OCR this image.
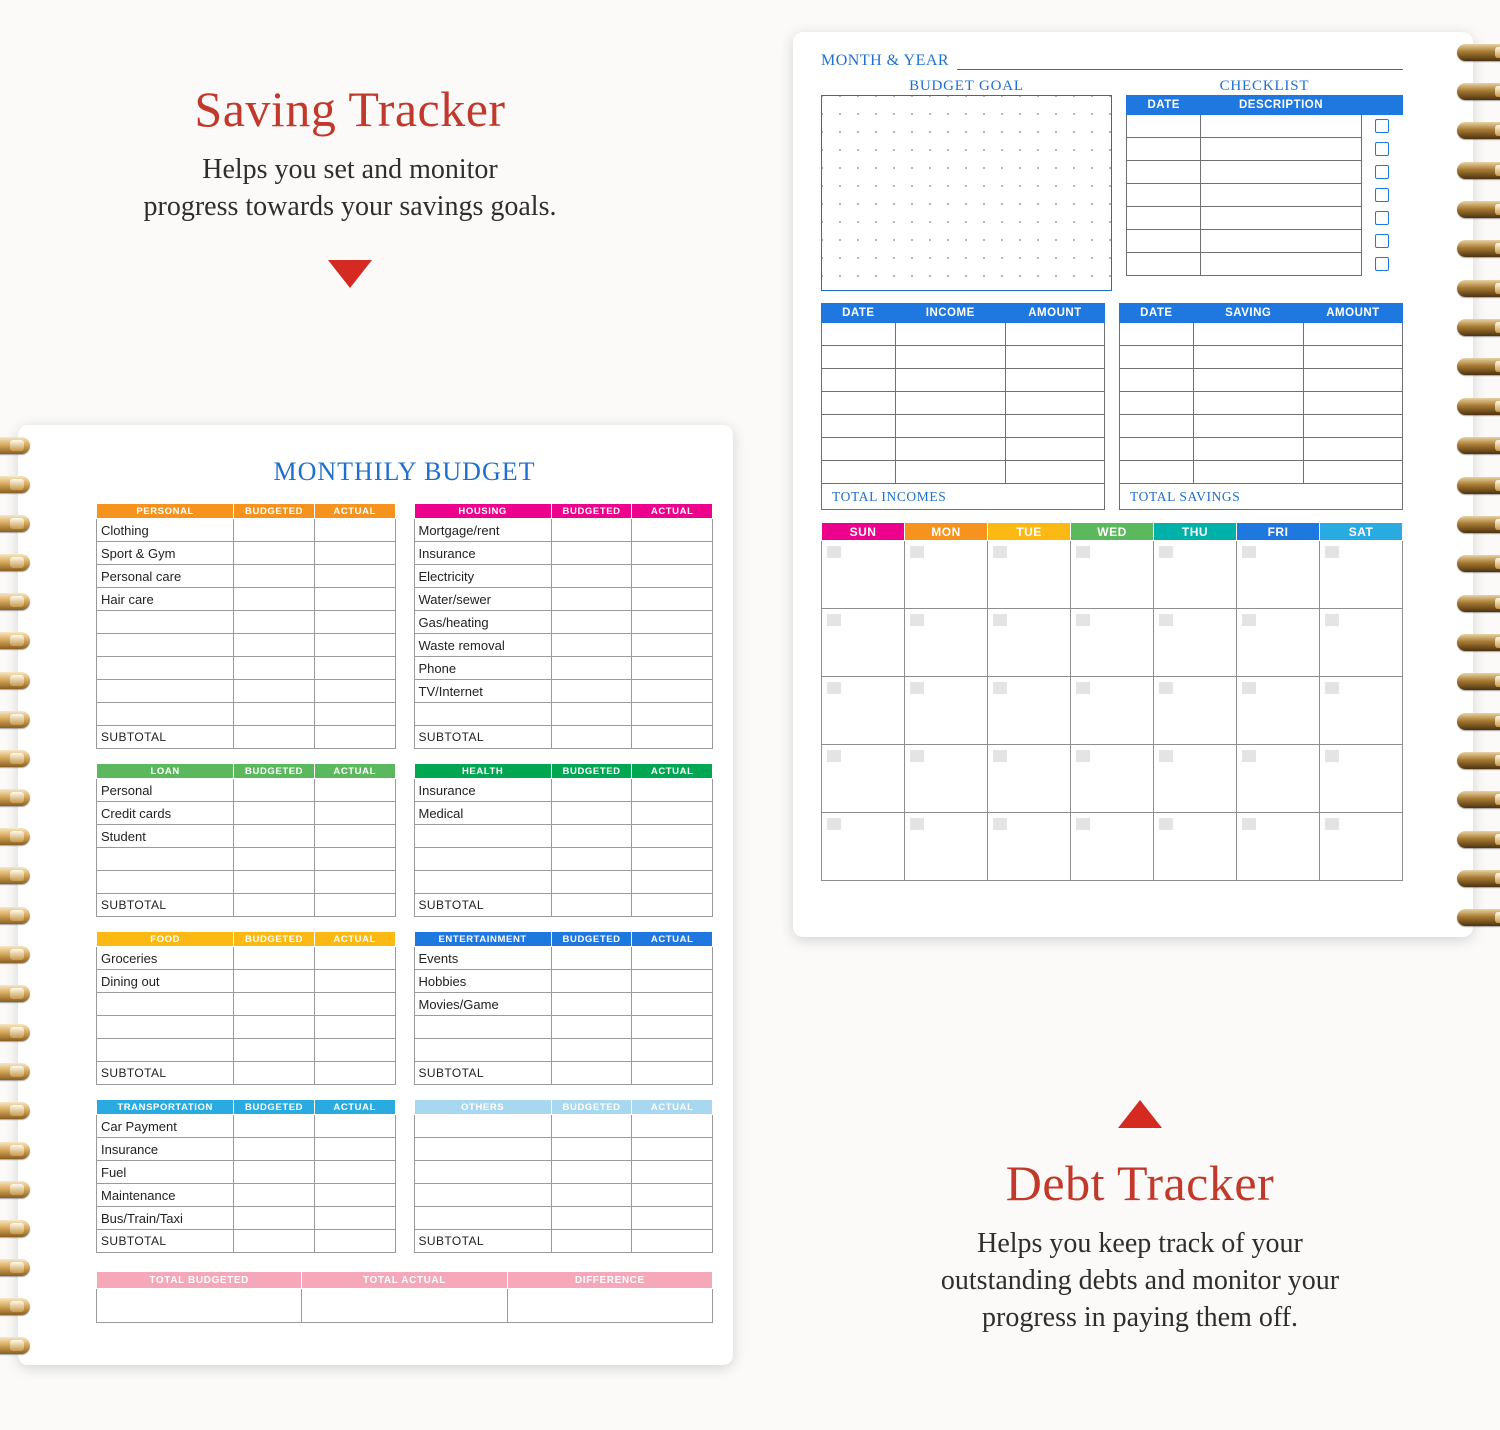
Saving Tracker

Helps you set and monitor
progress towards your savings goals.

Debt Tracker

Helps you keep track of your
outstanding debts and monitor your
progress in paying them off.

MONTHILY BUDGET
PERSONAL	BUDGETED	ACTUAL
Clothing		
Sport & Gym		
Personal care		
Hair care		

SUBTOTAL		
LOAN	BUDGETED	ACTUAL
Personal		
Credit cards		
Student		

SUBTOTAL		
FOOD	BUDGETED	ACTUAL
Groceries		
Dining out		

SUBTOTAL		
TRANSPORTATION	BUDGETED	ACTUAL
Car Payment		
Insurance		
Fuel		
Maintenance		
Bus/Train/Taxi		
SUBTOTAL		
HOUSING	BUDGETED	ACTUAL
Mortgage/rent		
Insurance		
Electricity		
Water/sewer		
Gas/heating		
Waste removal		
Phone		
TV/Internet		

SUBTOTAL		
HEALTH	BUDGETED	ACTUAL
Insurance		
Medical		

SUBTOTAL		
ENTERTAINMENT	BUDGETED	ACTUAL
Events		
Hobbies		
Movies/Game		

SUBTOTAL		
OTHERS	BUDGETED	ACTUAL

SUBTOTAL		
TOTAL BUDGETED	TOTAL ACTUAL	DIFFERENCE

MONTH & YEAR
BUDGET GOAL	CHECKLIST
DATE	DESCRIPTION	

DATE	INCOME	AMOUNT

TOTAL INCOMES
DATE	SAVING	AMOUNT

TOTAL SAVINGS
SUN	MON	TUE	WED	THU	FRI	SAT
